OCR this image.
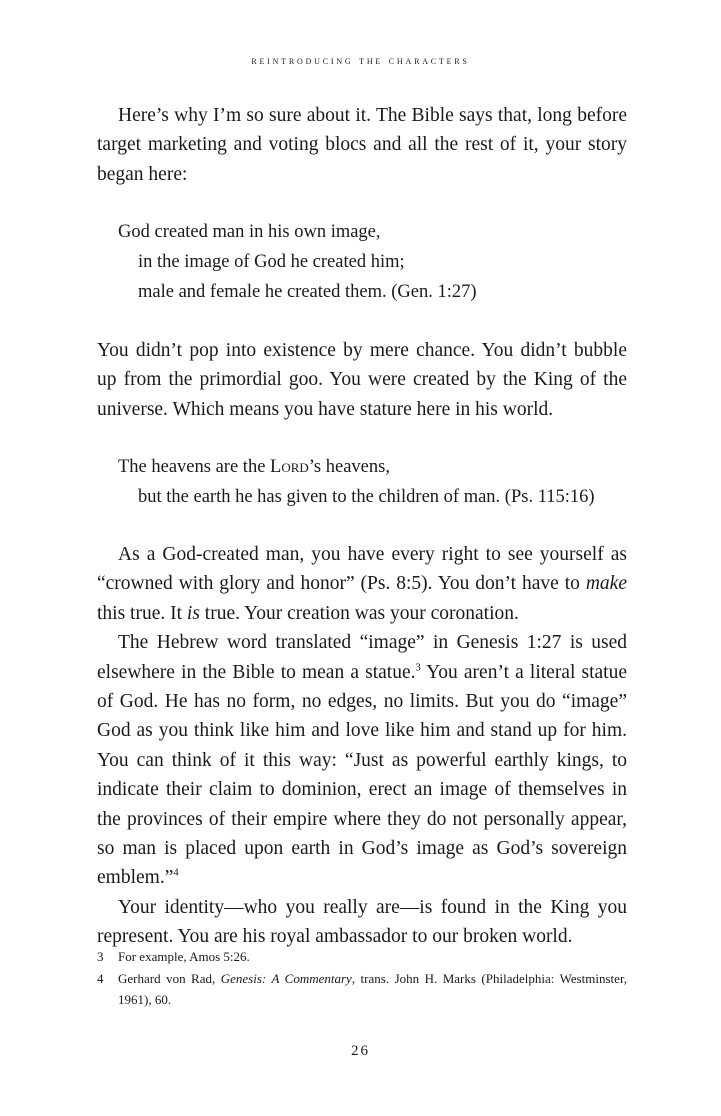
reintroducing the characters

Here’s why I’m so sure about it. The Bible says that, long before target marketing and voting blocs and all the rest of it, your story began here:

God created man in his own image,
in the image of God he created him;
male and female he created them. (Gen. 1:27)

You didn’t pop into existence by mere chance. You didn’t bubble up from the primordial goo. You were created by the King of the universe. Which means you have stature here in his world.

The heavens are the Lord’s heavens,
but the earth he has given to the children of man. (Ps. 115:16)

As a God-created man, you have every right to see yourself as “crowned with glory and honor” (Ps. 8:5). You don’t have to make this true. It is true. Your creation was your coronation.

The Hebrew word translated “image” in Genesis 1:27 is used elsewhere in the Bible to mean a statue.$^3$ You aren’t a literal statue of God. He has no form, no edges, no limits. But you do “image” God as you think like him and love like him and stand up for him. You can think of it this way: “Just as powerful earthly kings, to indicate their claim to dominion, erect an image of themselves in the provinces of their empire where they do not personally appear, so man is placed upon earth in God’s image as God’s sovereign emblem.”$^4$

Your identity—who you really are—is found in the King you represent. You are his royal ambassador to our broken world.

3 For example, Amos 5:26.
4 Gerhard von Rad, Genesis: A Commentary, trans. John H. Marks (Philadelphia: Westminster, 1961), 60.
26
